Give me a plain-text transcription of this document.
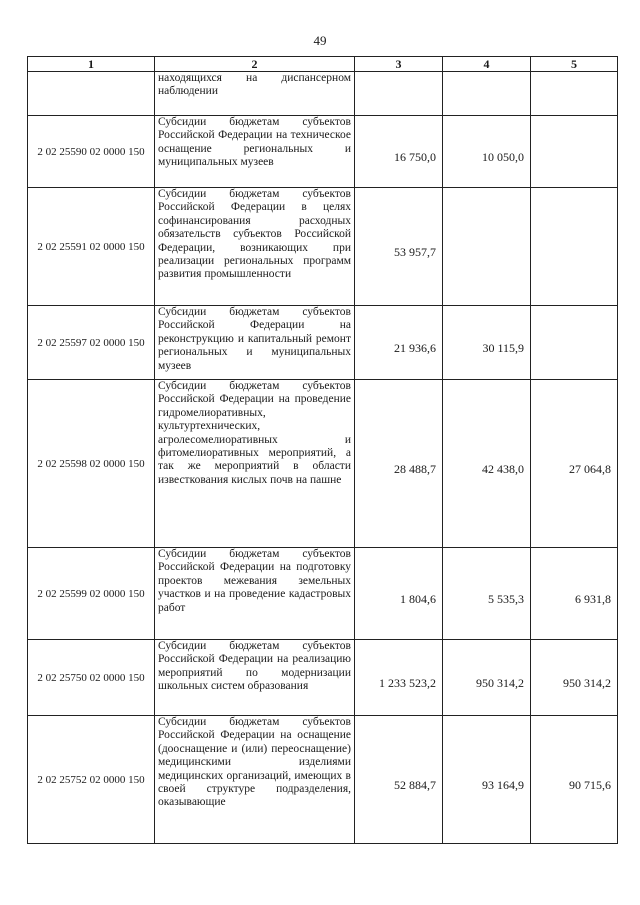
49
1	2	3	4	5
	находящихся на диспансерном наблюдении			
2 02 25590 02 0000 150	Субсидии бюджетам субъектов Российской Федерации на техническое оснащение региональных и муниципальных музеев	16 750,0	10 050,0	
2 02 25591 02 0000 150	Субсидии бюджетам субъектов Российской Федерации в целях софинансирования расходных обязательств субъектов Российской Федерации, возникающих при реализации региональных программ развития промышленности	53 957,7		
2 02 25597 02 0000 150	Субсидии бюджетам субъектов Российской Федерации на реконструкцию и капитальный ремонт региональных и муниципальных музеев	21 936,6	30 115,9	
2 02 25598 02 0000 150	Субсидии бюджетам субъектов Российской Федерации на проведение гидромелиоративных, культуртехнических, агролесомелиоративных и фитомелиоративных мероприятий, а так же мероприятий в области известкования кислых почв на пашне	28 488,7	42 438,0	27 064,8
2 02 25599 02 0000 150	Субсидии бюджетам субъектов Российской Федерации на подготовку проектов межевания земельных участков и на проведение кадастровых работ	1 804,6	5 535,3	6 931,8
2 02 25750 02 0000 150	Субсидии бюджетам субъектов Российской Федерации на реализацию мероприятий по модернизации школьных систем образования	1 233 523,2	950 314,2	950 314,2
2 02 25752 02 0000 150	Субсидии бюджетам субъектов Российской Федерации на оснащение (дооснащение и (или) переоснащение) медицинскими изделиями медицинских организаций, имеющих в своей структуре подразделения, оказывающие	52 884,7	93 164,9	90 715,6
